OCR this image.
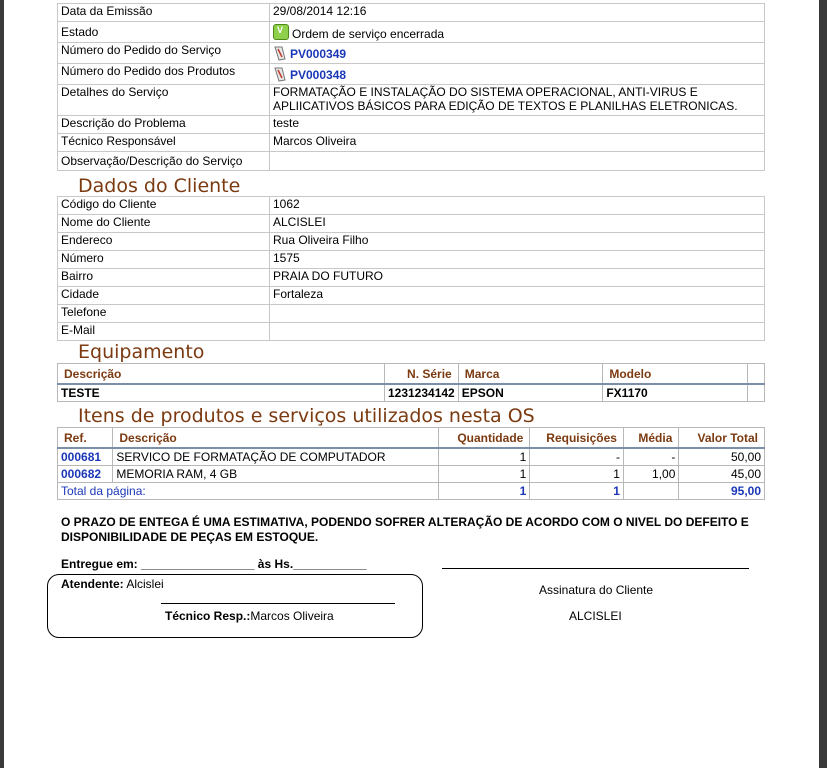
Data da Emissão	29/08/2014 12:16
Estado	VOrdem de serviço encerrada
Número do Pedido do Serviço	PV000349
Número do Pedido dos Produtos	PV000348
Detalhes do Serviço	FORMATAÇÃO E INSTALAÇÃO DO SISTEMA OPERACIONAL, ANTI-VIRUS E APLIICATIVOS BÁSICOS PARA EDIÇÃO DE TEXTOS E PLANILHAS ELETRONICAS.
Descrição do Problema	teste
Técnico Responsável	Marcos Oliveira
Observação/Descrição do Serviço	
Dados do Cliente
Código do Cliente	1062
Nome do Cliente	ALCISLEI
Endereco	Rua Oliveira Filho
Número	1575
Bairro	PRAIA DO FUTURO
Cidade	Fortaleza
Telefone	
E-Mail	
Equipamento
Descrição	N. Série	Marca	Modelo	
TESTE	1231234142	EPSON	FX1170	
Itens de produtos e serviços utilizados nesta OS
Ref.	Descrição	Quantidade	Requisições	Média	Valor Total
000681	SERVICO DE FORMATAÇÃO DE COMPUTADOR	1	-	-	50,00
000682	MEMORIA RAM, 4 GB	1	1	1,00	45,00
Total da página:		1	1		95,00
O PRAZO DE ENTEGA É UMA ESTIMATIVA, PODENDO SOFRER ALTERAÇÃO DE ACORDO COM O NIVEL DO DEFEITO E DISPONIBILIDADE DE PEÇAS EM ESTOQUE.
Entregue em: _________________ às Hs.___________
Atendente: Alcislei
Técnico Resp.:Marcos Oliveira
Assinatura do Cliente
ALCISLEI
